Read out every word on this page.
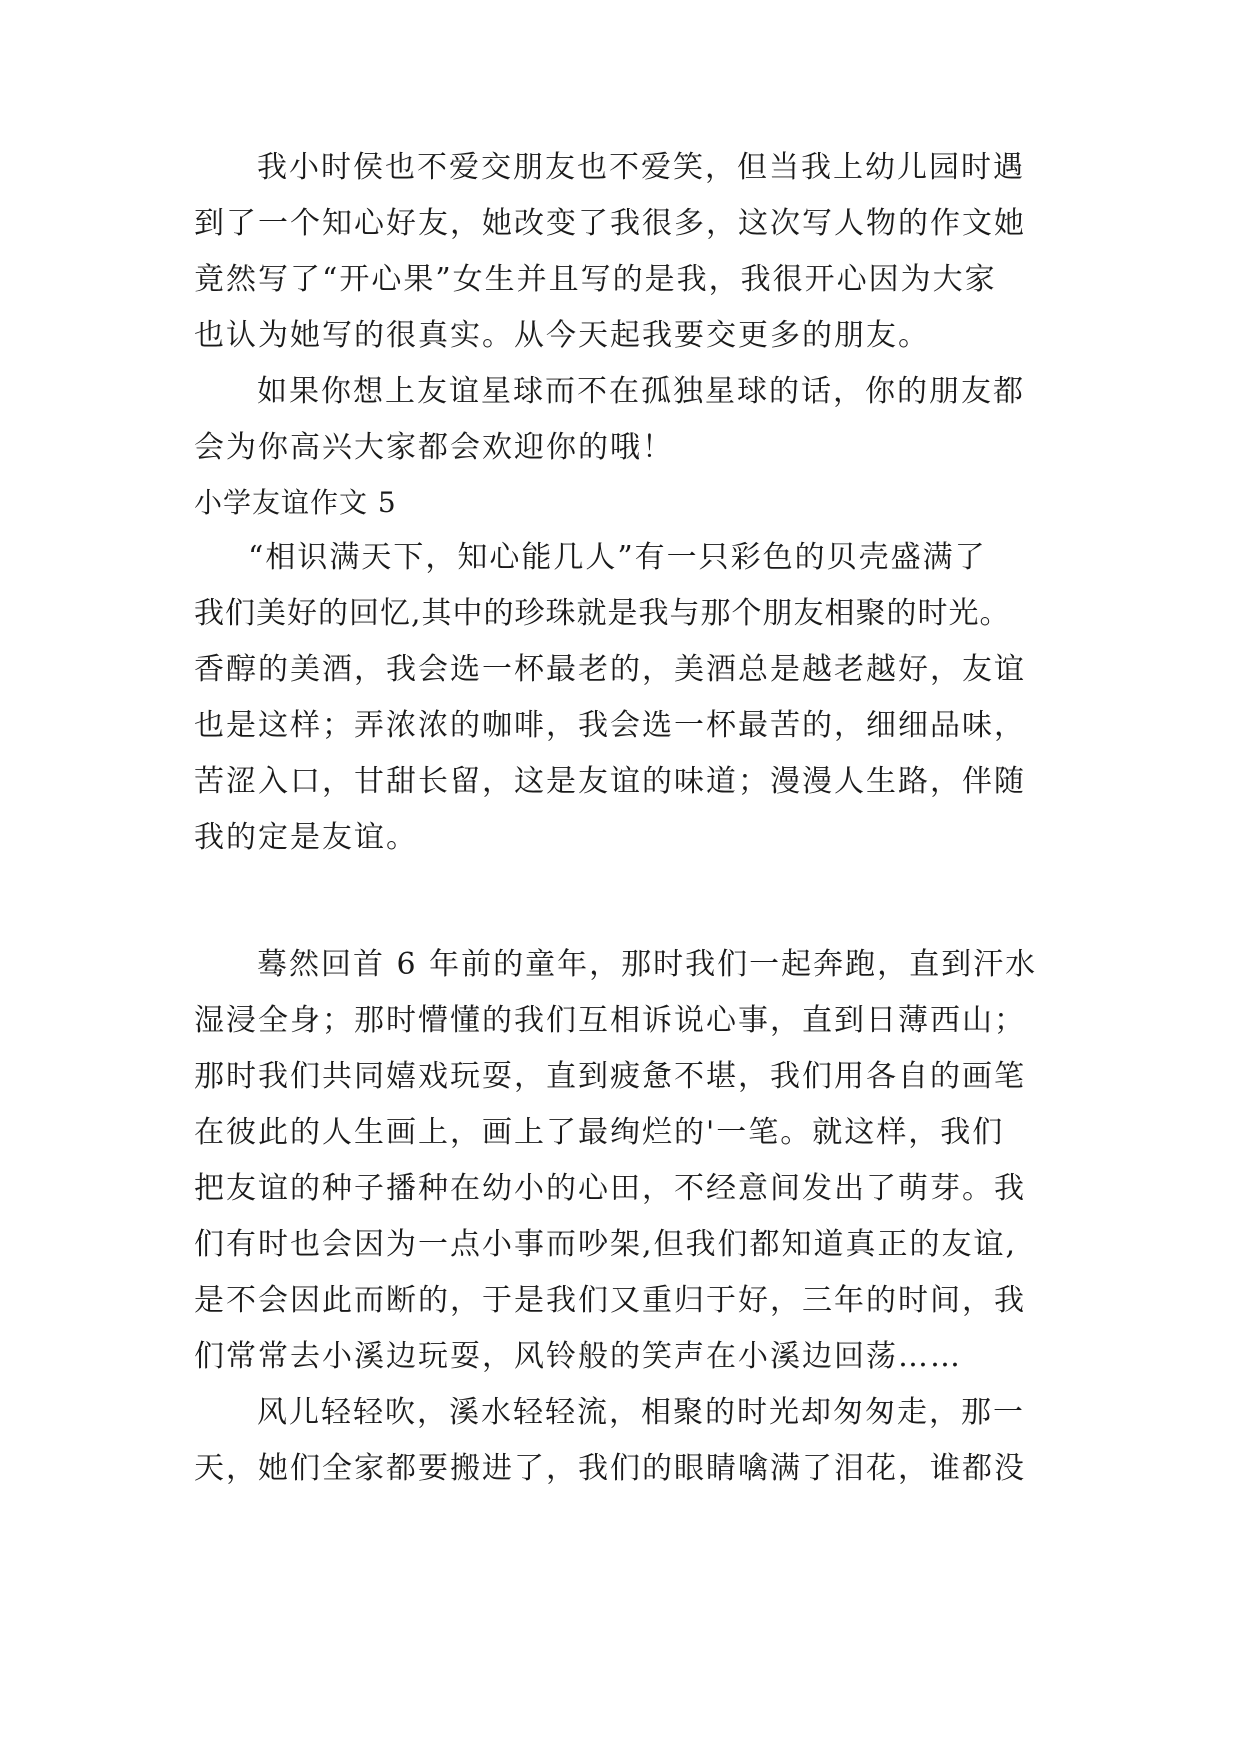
我小时侯也不爱交朋友也不爱笑，但当我上幼儿园时遇
到了一个知心好友，她改变了我很多，这次写人物的作文她
竟然写了“开心果”女生并且写的是我，我很开心因为大家
也认为她写的很真实。从今天起我要交更多的朋友。
如果你想上友谊星球而不在孤独星球的话，你的朋友都
会为你高兴大家都会欢迎你的哦！
小学友谊作文 5
“相识满天下，知心能几人”有一只彩色的贝壳盛满了
我们美好的回忆,其中的珍珠就是我与那个朋友相聚的时光。
香醇的美酒，我会选一杯最老的，美酒总是越老越好，友谊
也是这样；弄浓浓的咖啡，我会选一杯最苦的，细细品味，
苦涩入口，甘甜长留，这是友谊的味道；漫漫人生路，伴随
我的定是友谊。
蓦然回首 6 年前的童年，那时我们一起奔跑，直到汗水
湿浸全身；那时懵懂的我们互相诉说心事，直到日薄西山；
那时我们共同嬉戏玩耍，直到疲惫不堪，我们用各自的画笔
在彼此的人生画上，画上了最绚烂的'一笔。就这样，我们
把友谊的种子播种在幼小的心田，不经意间发出了萌芽。我
们有时也会因为一点小事而吵架,但我们都知道真正的友谊,
是不会因此而断的，于是我们又重归于好，三年的时间，我
们常常去小溪边玩耍，风铃般的笑声在小溪边回荡……
风儿轻轻吹，溪水轻轻流，相聚的时光却匆匆走，那一
天，她们全家都要搬进了，我们的眼睛噙满了泪花，谁都没
